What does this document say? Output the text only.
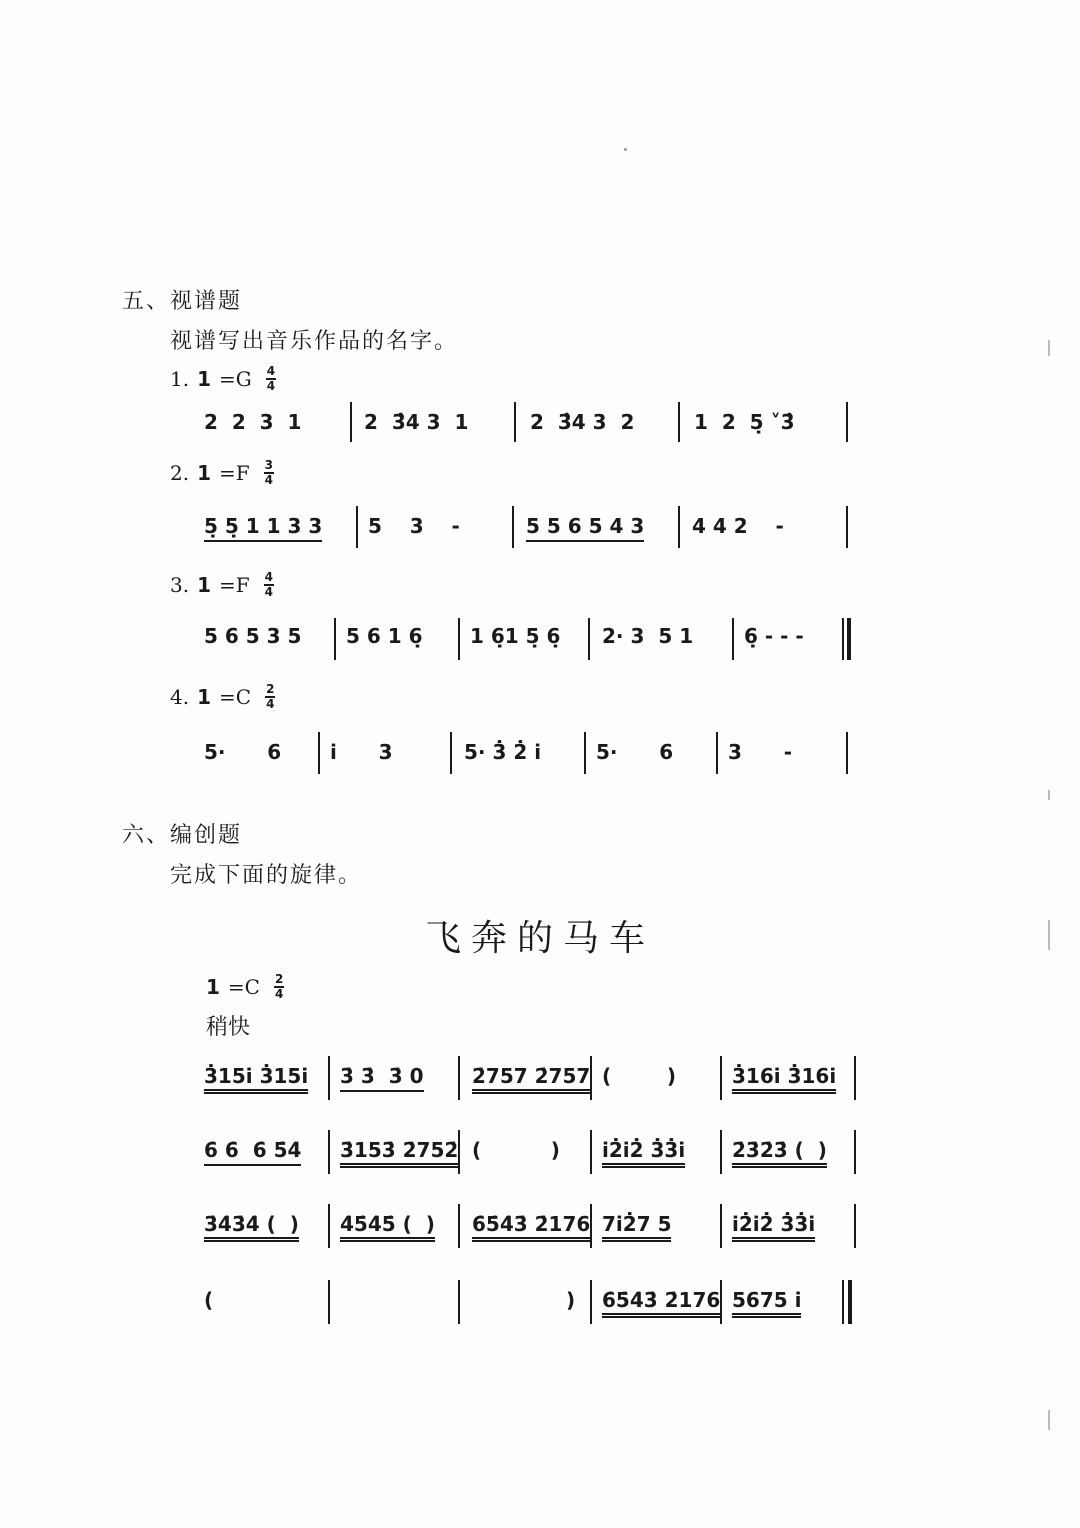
五、视谱题
视谱写出音乐作品的名字。
1. 1 =G 4
4
2  2  3  1	2  3̂4 3  1	2  3̂4 3  2	1  2  5̣ ˅3̂
2. 1 =F 3
4
5̣ 5̣ 1 1 3 3 5    3    -	5 5 6 5 4 3 4 4 2    -
3. 1 =F 4
4
5 6 5 3 5 5 6 1 6̣ 1 6̣1 5̣ 6̣ 2· 3  5 1	6̣ - - -
4. 1 =C 2
4
5·      6 i̇      3	5· 3̇ 2̇ i̇	5·      6	3      -
六、编创题
完成下面的旋律。
飞奔的马车
1 =C 2
4
稍快
3̇15i̇ 3̇15i̇ 3̇ 3̇  3̇ 0 2̇757 2̇757 (        )	3̇16i̇ 3̇16i̇
6̇ 6̇  6̇ 5̇4̇ 3̇153̇ 2̇752̇ (          ) i̇2̇i̇2̇ 3̇3̇i̇ 2̇3̇2̇3̇ (  )
3̇4̇3̇4̇ (  ) 4̇5̇4̇5̇ (  ) 6̇5̇4̇3̇ 2̇176 7i̇2̇7 5	i̇2̇i̇2̇ 3̇3̇i̇
(	) 6̇5̇4̇3̇ 2̇176 5675 i̇
